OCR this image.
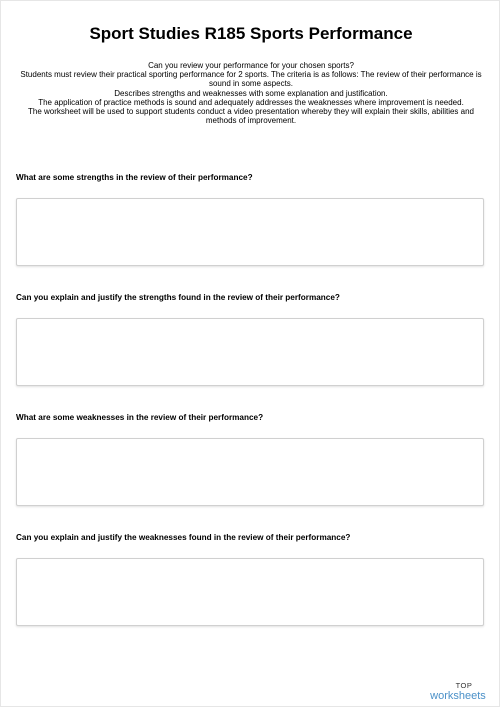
Sport Studies R185 Sports Performance

Can you review your performance for your chosen sports?

Students must review their practical sporting performance for 2 sports. The criteria is as follows: The review of their performance is sound in some aspects.

Describes strengths and weaknesses with some explanation and justification.

The application of practice methods is sound and adequately addresses the weaknesses where improvement is needed.

The worksheet will be used to support students conduct a video presentation whereby they will explain their skills, abilities and methods of improvement.

What are some strengths in the review of their performance?
Can you explain and justify the strengths found in the review of their performance?
What are some weaknesses in the review of their performance?
Can you explain and justify the weaknesses found in the review of their performance?
TOP
worksheets
